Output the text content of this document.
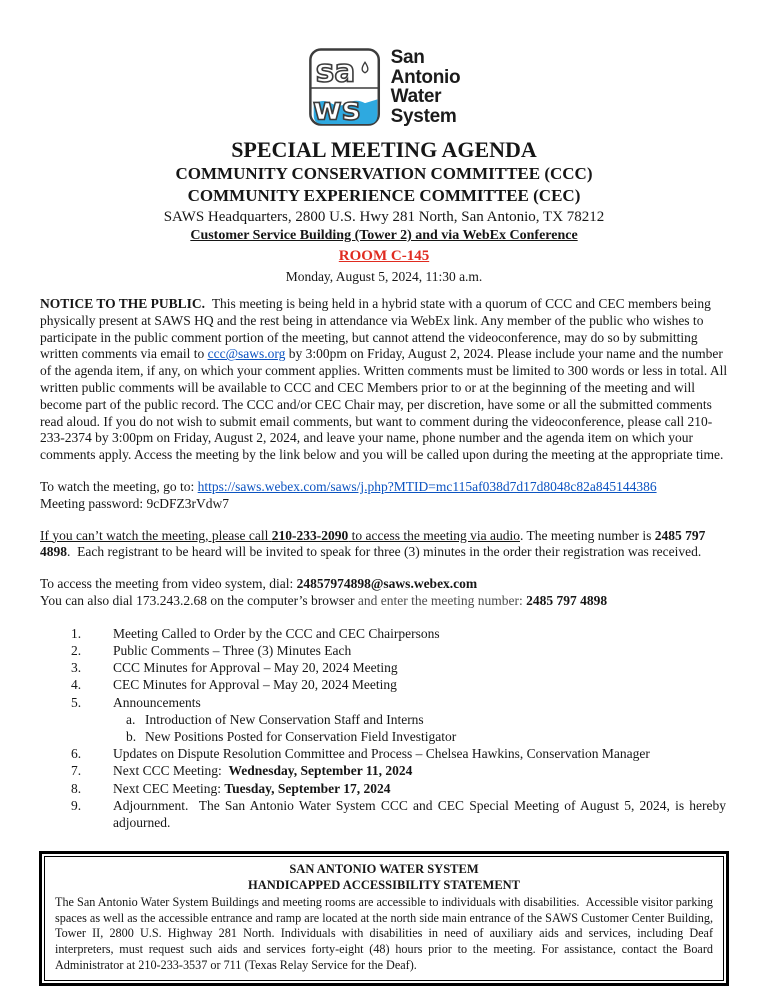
sa
ws
San
Antonio
Water
System
SPECIAL MEETING AGENDA
COMMUNITY CONSERVATION COMMITTEE (CCC)
COMMUNITY EXPERIENCE COMMITTEE (CEC)
SAWS Headquarters, 2800 U.S. Hwy 281 North, San Antonio, TX 78212
Customer Service Building (Tower 2) and via WebEx Conference
ROOM C-145
Monday, August 5, 2024, 11:30 a.m.

NOTICE TO THE PUBLIC.  This meeting is being held in a hybrid state with a quorum of CCC and CEC members being physically present at SAWS HQ and the rest being in attendance via WebEx link. Any member of the public who wishes to participate in the public comment portion of the meeting, but cannot attend the videoconference, may do so by submitting written comments via email to ccc@saws.org by 3:00pm on Friday, August 2, 2024. Please include your name and the number of the agenda item, if any, on which your comment applies. Written comments must be limited to 300 words or less in total. All written public comments will be available to CCC and CEC Members prior to or at the beginning of the meeting and will become part of the public record. The CCC and/or CEC Chair may, per discretion, have some or all the submitted comments read aloud. If you do not wish to submit email comments, but want to comment during the videoconference, please call 210-233-2374 by 3:00pm on Friday, August 2, 2024, and leave your name, phone number and the agenda item on which your comments apply. Access the meeting by the link below and you will be called upon during the meeting at the appropriate time.

To watch the meeting, go to: https://saws.webex.com/saws/j.php?MTID=mc115af038d7d17d8048c82a845144386
Meeting password: 9cDFZ3rVdw7

If you can’t watch the meeting, please call 210-233-2090 to access the meeting via audio. The meeting number is 2485 797 4898.  Each registrant to be heard will be invited to speak for three (3) minutes in the order their registration was received.

To access the meeting from video system, dial: 24857974898@saws.webex.com
You can also dial 173.243.2.68 on the computer’s browser and enter the meeting number: 2485 797 4898
1.	Meeting Called to Order by the CCC and CEC Chairpersons
2.	Public Comments – Three (3) Minutes Each
3.	CCC Minutes for Approval – May 20, 2024 Meeting
4.	CEC Minutes for Approval – May 20, 2024 Meeting
5.	Announcements
a. Introduction of New Conservation Staff and Interns
b. New Positions Posted for Conservation Field Investigator
6.	Updates on Dispute Resolution Committee and Process – Chelsea Hawkins, Conservation Manager
7.	Next CCC Meeting:  Wednesday, September 11, 2024
8.	Next CEC Meeting: Tuesday, September 17, 2024
9.	Adjournment.  The San Antonio Water System CCC and CEC Special Meeting of August 5, 2024, is hereby adjourned.
SAN ANTONIO WATER SYSTEM
HANDICAPPED ACCESSIBILITY STATEMENT
The San Antonio Water System Buildings and meeting rooms are accessible to individuals with disabilities.  Accessible visitor parking spaces as well as the accessible entrance and ramp are located at the north side main entrance of the SAWS Customer Center Building, Tower II, 2800 U.S. Highway 281 North. Individuals with disabilities in need of auxiliary aids and services, including Deaf interpreters, must request such aids and services forty-eight (48) hours prior to the meeting. For assistance, contact the Board Administrator at 210-233-3537 or 711 (Texas Relay Service for the Deaf).
